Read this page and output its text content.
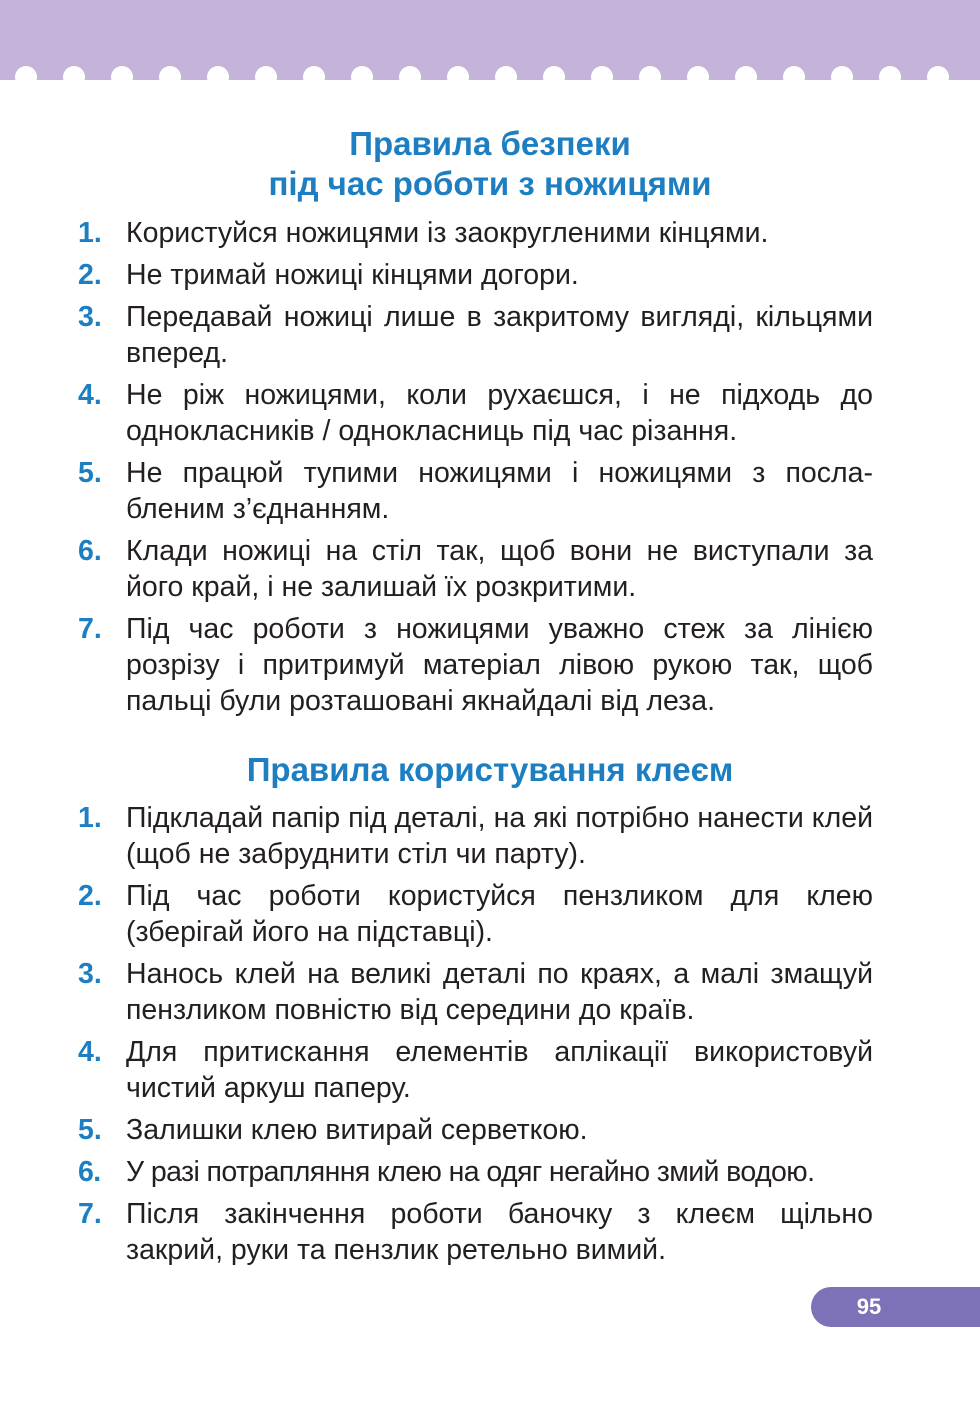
Правила безпеки
під час роботи з ножицями
1. Користуйся ножицями із заокругленими кінцями.
2. Не тримай ножиці кінцями догори.
3. Передавай ножиці лише в закритому вигляді, кільцями вперед.
4. Не ріж ножицями, коли рухаєшся, і не підходь до однокласників / однокласниць під час різання.
5. Не працюй тупими ножицями і ножицями з послабленим з’єднанням.
6. Клади ножиці на стіл так, щоб вони не виступали за його край, і не залишай їх розкритими.
7. Під час роботи з ножицями уважно стеж за лінією розрізу і притримуй матеріал лівою рукою так, щоб пальці були розташовані якнайдалі від леза.
Правила користування клеєм
1. Підкладай папір під деталі, на які потрібно нанести клей (щоб не забруднити стіл чи парту).
2. Під час роботи користуйся пензликом для клею (зберігай його на підставці).
3. Наноcь клей на великі деталі по краях, а малі змащуй пензликом повністю від середини до країв.
4. Для притискання елементів аплікації використовуй чистий аркуш паперу.
5. Залишки клею витирай серветкою.
6. У разі потрапляння клею на одяг негайно змий водою.
7. Після закінчення роботи баночку з клеєм щільно закрий, руки та пензлик ретельно вимий.
95
